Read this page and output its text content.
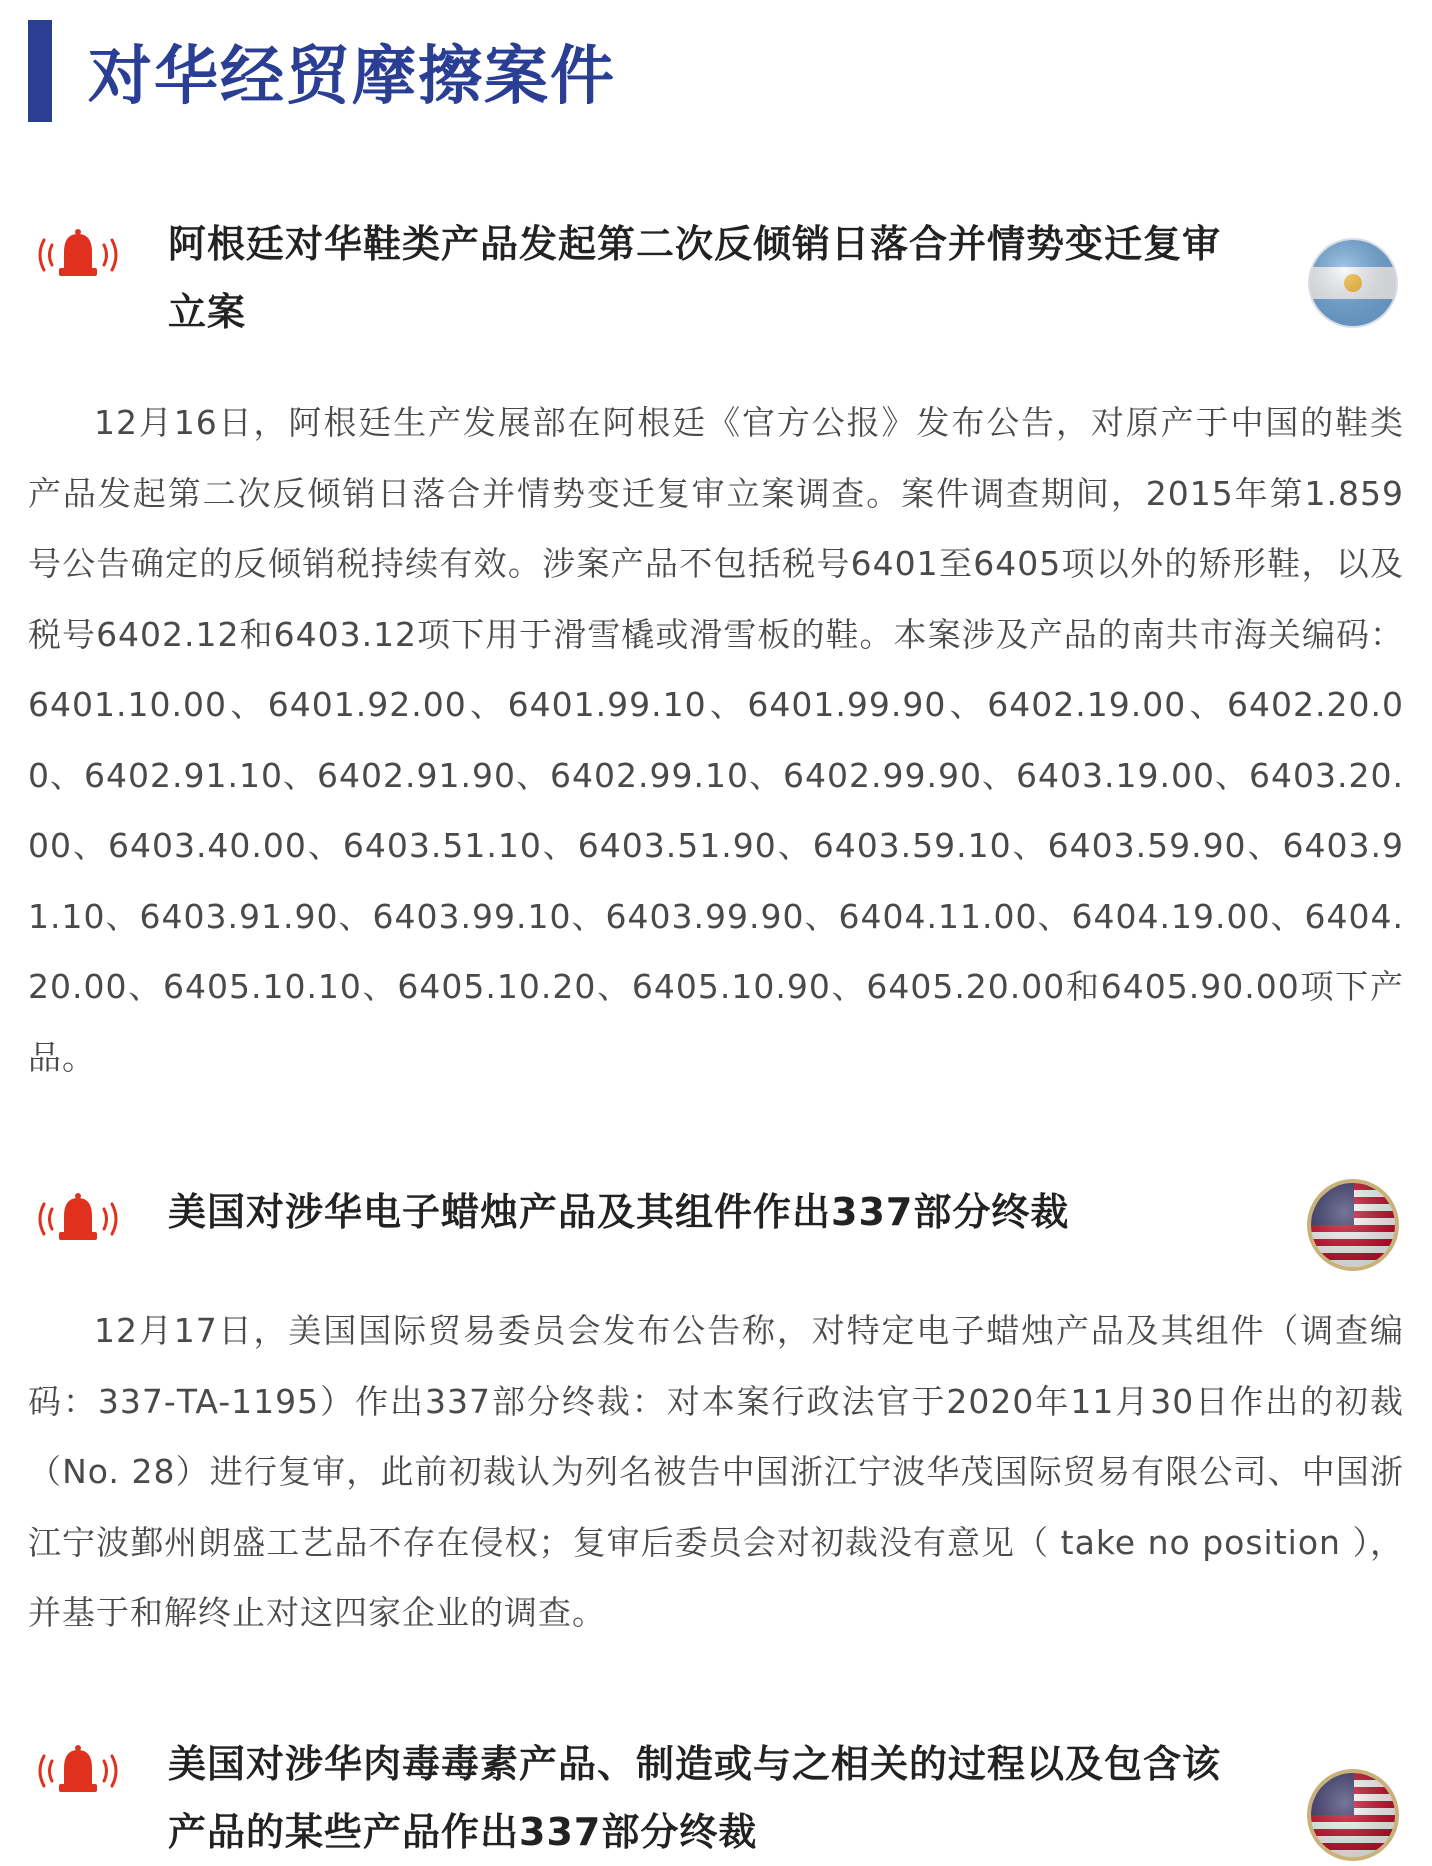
对华经贸摩擦案件
阿根廷对华鞋类产品发起第二次反倾销日落合并情势变迁复审立案
12月16日，阿根廷生产发展部在阿根廷《官方公报》发布公告，对原产于中国的鞋类产品发起第二次反倾销日落合并情势变迁复审立案调查。案件调查期间，2015年第1.859号公告确定的反倾销税持续有效。涉案产品不包括税号6401至6405项以外的矫形鞋，以及税号6402.12和6403.12项下用于滑雪橇或滑雪板的鞋。本案涉及产品的南共市海关编码：6401.10.00、6401.92.00、6401.99.10、6401.99.90、6402.19.00、6402.20.00、6402.91.10、6402.91.90、6402.99.10、6402.99.90、6403.19.00、6403.20.00、6403.40.00、6403.51.10、6403.51.90、6403.59.10、6403.59.90、6403.91.10、6403.91.90、6403.99.10、6403.99.90、6404.11.00、6404.19.00、6404.20.00、6405.10.10、6405.10.20、6405.10.90、6405.20.00和6405.90.00项下产品。
美国对涉华电子蜡烛产品及其组件作出337部分终裁
12月17日，美国国际贸易委员会发布公告称，对特定电子蜡烛产品及其组件（调查编码：337-TA-1195）作出337部分终裁：对本案行政法官于2020年11月30日作出的初裁（No. 28）进行复审，此前初裁认为列名被告中国浙江宁波华茂国际贸易有限公司、中国浙江宁波鄞州朗盛工艺品不存在侵权；复审后委员会对初裁没有意见（ take no position ），并基于和解终止对这四家企业的调查。
美国对涉华肉毒毒素产品、制造或与之相关的过程以及包含该产品的某些产品作出337部分终裁
